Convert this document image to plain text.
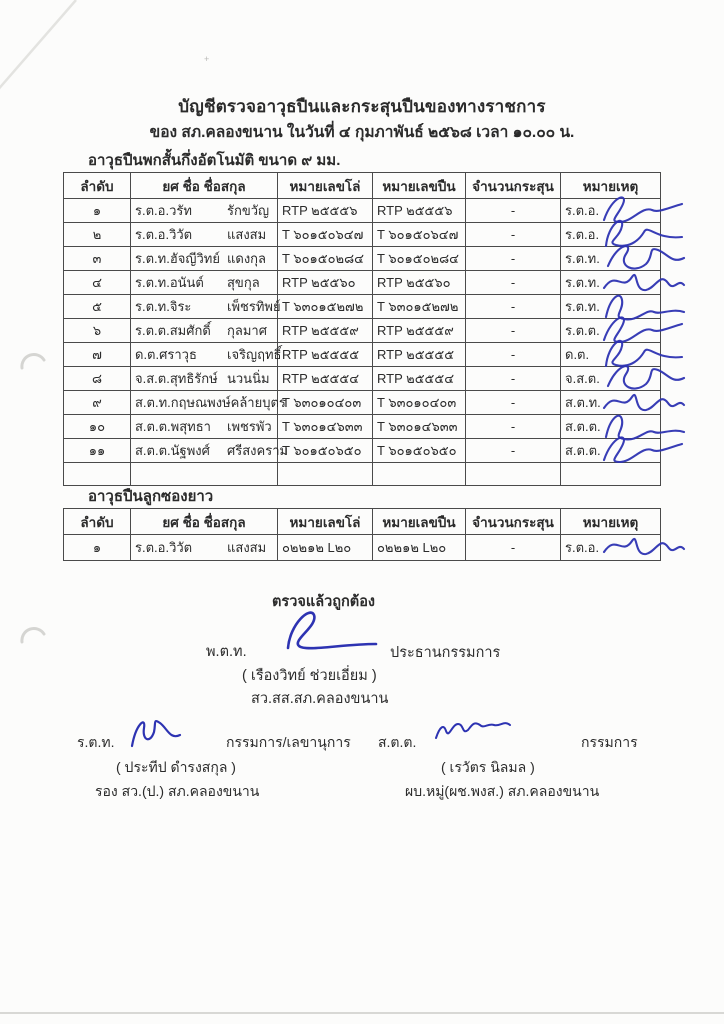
+
บัญชีตรวจอาวุธปืนและกระสุนปืนของทางราชการ
ของ สภ.คลองขนาน ในวันที่ ๔ กุมภาพันธ์ ๒๕๖๘ เวลา ๑๐.๐๐ น.
อาวุธปืนพกสั้นกึ่งอัตโนมัติ ขนาด ๙ มม.
ลำดับ	ยศ ชื่อ ชื่อสกุล	หมายเลขโล่	หมายเลขปืน	จำนวนกระสุน	หมายเหตุ
๑	ร.ต.อ.วรัท รักขวัญ	RTP ๒๕๕๕๖	RTP ๒๕๕๕๖	-	ร.ต.อ.

๒	ร.ต.อ.วิวัต แสงสม	T ๖๐๑๕๐๖๔๗	T ๖๐๑๕๐๖๔๗	-	ร.ต.อ.

๓	ร.ต.ท.ฮัจญีวิทย์ แดงกุล	T ๖๐๑๕๐๒๘๔	T ๖๐๑๕๐๒๘๔	-	ร.ต.ท.

๔	ร.ต.ท.อนันต์ สุขกุล	RTP ๒๕๕๖๐	RTP ๒๕๕๖๐	-	ร.ต.ท.

๕	ร.ต.ท.จิระ เพ็ชรทิพย์	T ๖๓๐๑๕๒๗๒	T ๖๓๐๑๕๒๗๒	-	ร.ต.ท.

๖	ร.ต.ต.สมศักดิ์ กุลมาศ	RTP ๒๕๕๕๙	RTP ๒๕๕๕๙	-	ร.ต.ต.

๗	ด.ต.ศราวุธ เจริญฤทธิ์	RTP ๒๕๕๕๕	RTP ๒๕๕๕๕	-	ด.ต.

๘	จ.ส.ต.สุทธิรักษ์ นวนนิ่ม	RTP ๒๕๕๕๔	RTP ๒๕๕๕๔	-	จ.ส.ต.

๙	ส.ต.ท.กฤษณพงษ์คล้ายบุตร	T ๖๓๐๑๐๔๐๓	T ๖๓๐๑๐๔๐๓	-	ส.ต.ท.

๑๐	ส.ต.ต.พสุทธา เพชรพัว	T ๖๓๐๑๔๖๓๓	T ๖๓๐๑๔๖๓๓	-	ส.ต.ต.

๑๑	ส.ต.ต.นัฐพงศ์ ศรีสงคราม	T ๖๐๑๕๐๖๕๐	T ๖๐๑๕๐๖๕๐	-	ส.ต.ต.

อาวุธปืนลูกซองยาว
ลำดับ	ยศ ชื่อ ชื่อสกุล	หมายเลขโล่	หมายเลขปืน	จำนวนกระสุน	หมายเหตุ
๑	ร.ต.อ.วิวัต แสงสม	๐๒๒๑๒ L๒๐	๐๒๒๑๒ L๒๐	-	ร.ต.อ.
ตรวจแล้วถูกต้อง
พ.ต.ท.	ประธานกรรมการ
( เรืองวิทย์ ช่วยเอี่ยม )
สว.สส.สภ.คลองขนาน
ร.ต.ท.	กรรมการ/เลขานุการ
( ประทีป ดำรงสกุล )
รอง สว.(ป.) สภ.คลองขนาน
ส.ต.ต.	กรรมการ
( เรวัตร นิลมล )
ผบ.หมู่(ผช.พงส.) สภ.คลองขนาน
